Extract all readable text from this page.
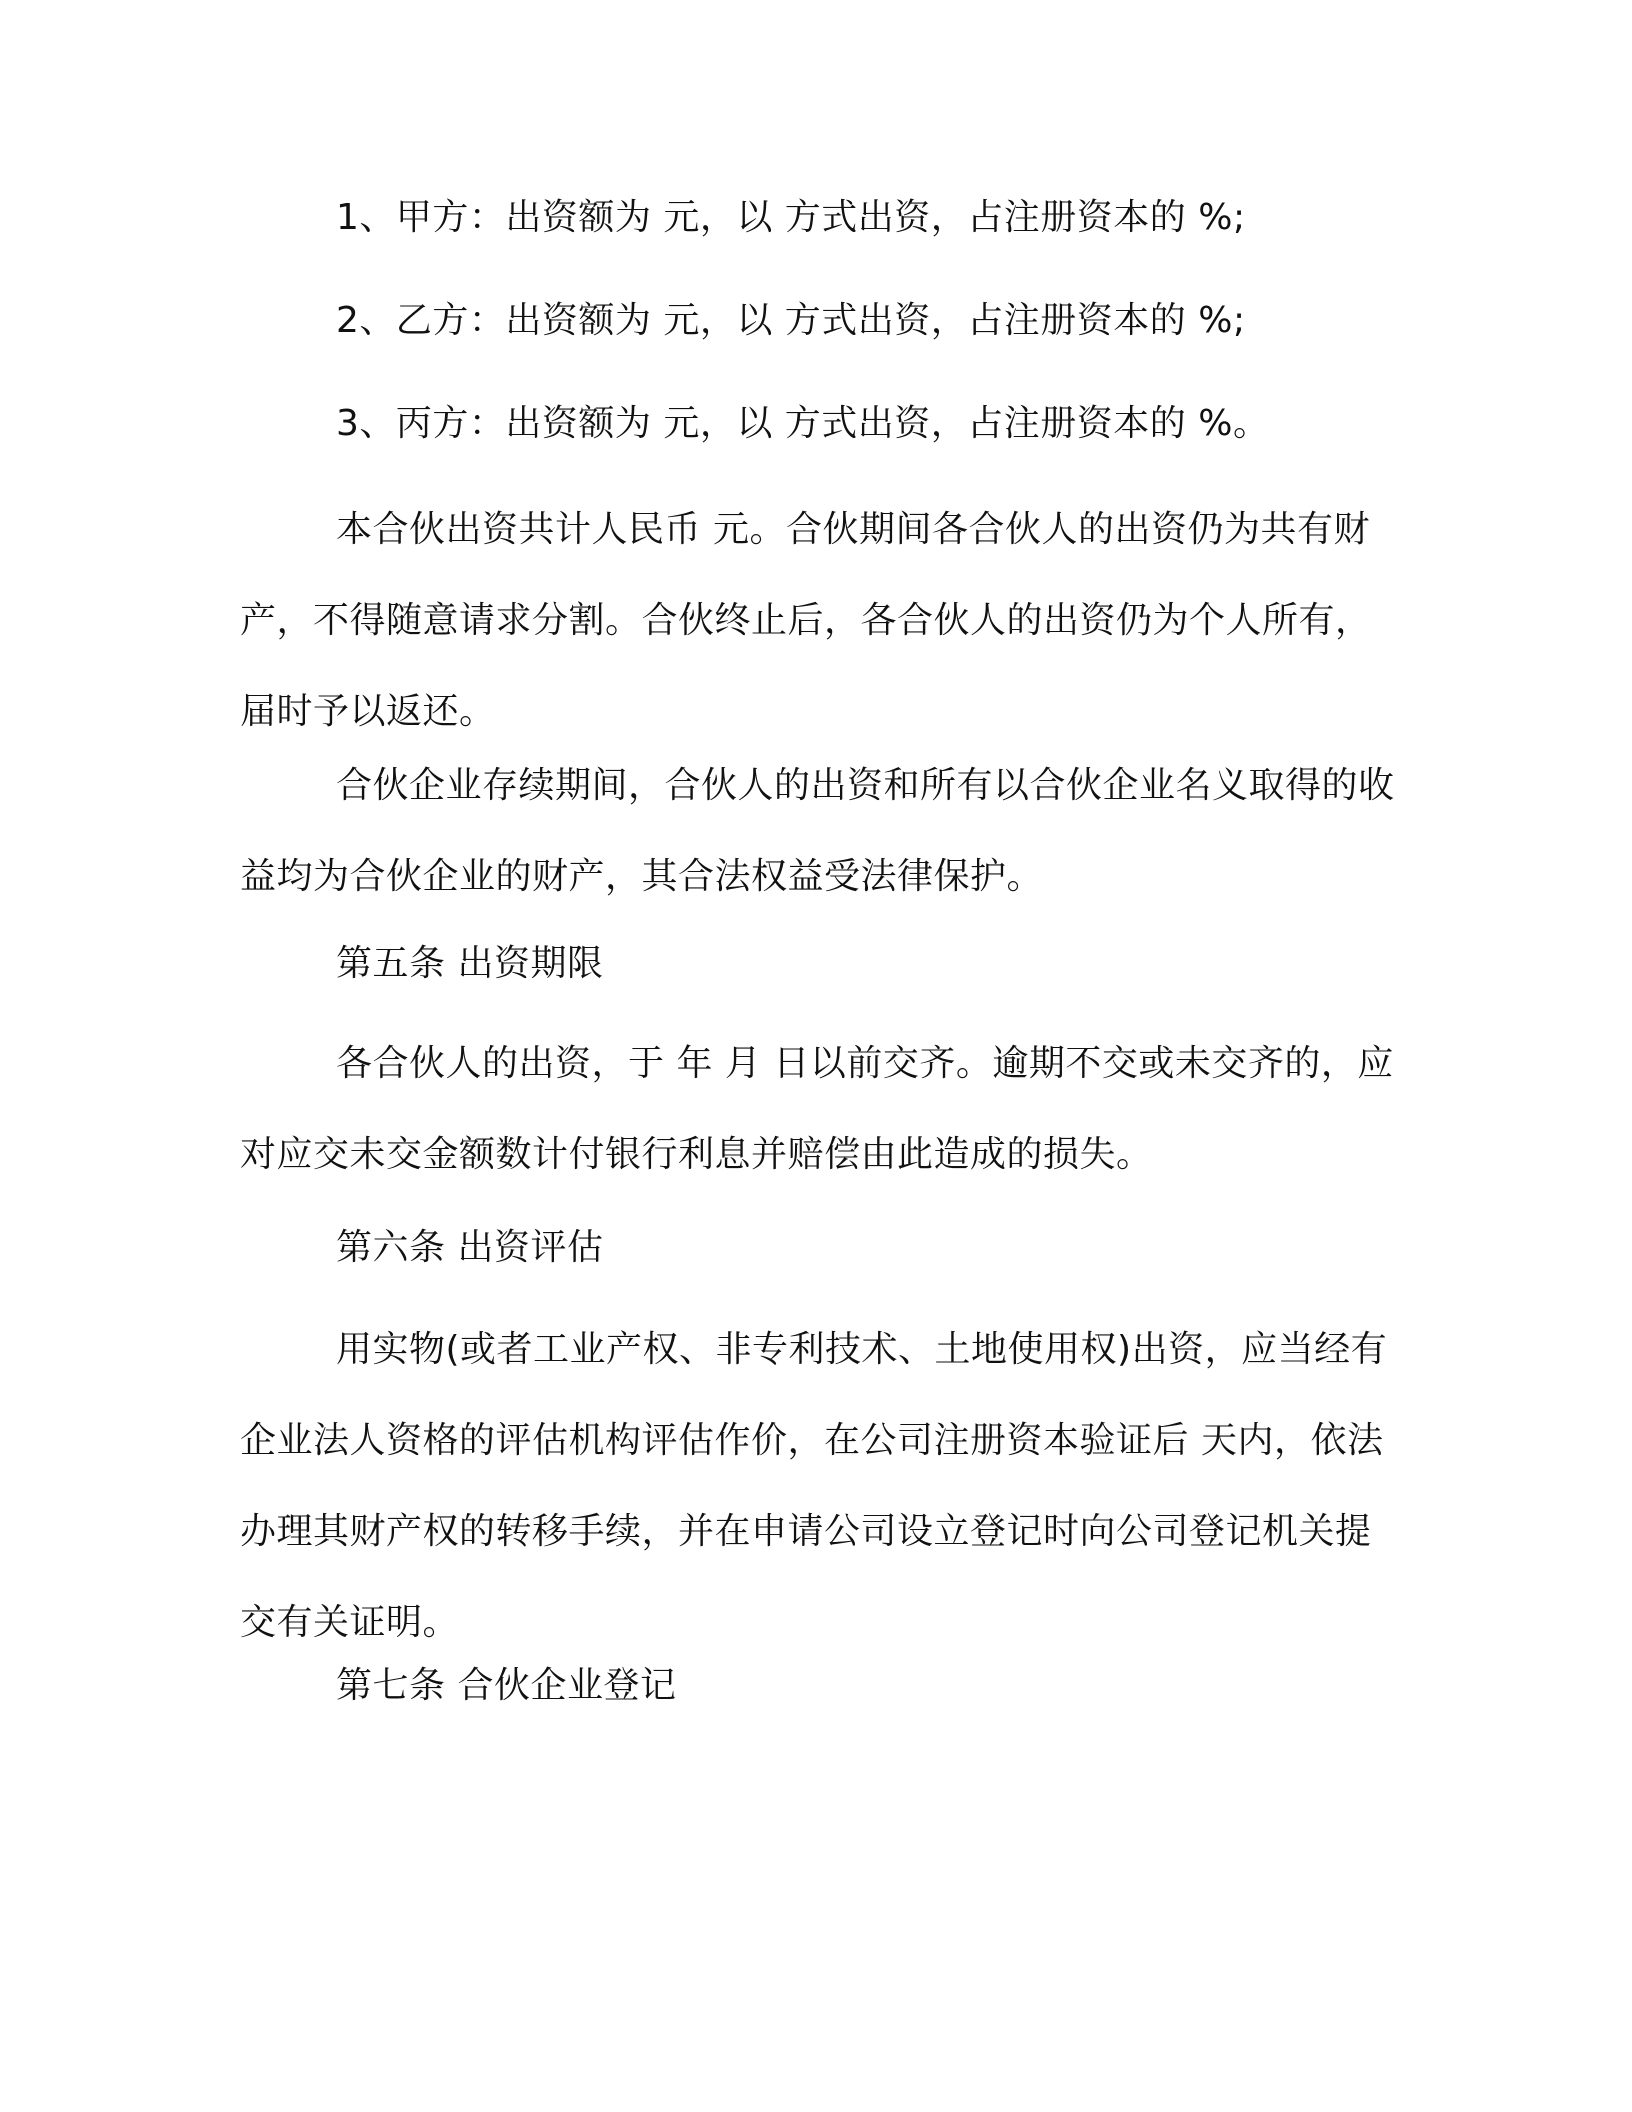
1、甲方：出资额为 元，以 方式出资，占注册资本的 %;

2、乙方：出资额为 元，以 方式出资，占注册资本的 %;

3、丙方：出资额为 元，以 方式出资，占注册资本的 %。

本合伙出资共计人民币 元。合伙期间各合伙人的出资仍为共有财产，不得随意请求分割。合伙终止后，各合伙人的出资仍为个人所有，届时予以返还。

合伙企业存续期间，合伙人的出资和所有以合伙企业名义取得的收益均为合伙企业的财产，其合法权益受法律保护。

第五条 出资期限

各合伙人的出资，于 年 月 日以前交齐。逾期不交或未交齐的，应对应交未交金额数计付银行利息并赔偿由此造成的损失。

第六条 出资评估

用实物(或者工业产权、非专利技术、土地使用权)出资，应当经有企业法人资格的评估机构评估作价，在公司注册资本验证后 天内，依法办理其财产权的转移手续，并在申请公司设立登记时向公司登记机关提交有关证明。

第七条 合伙企业登记
